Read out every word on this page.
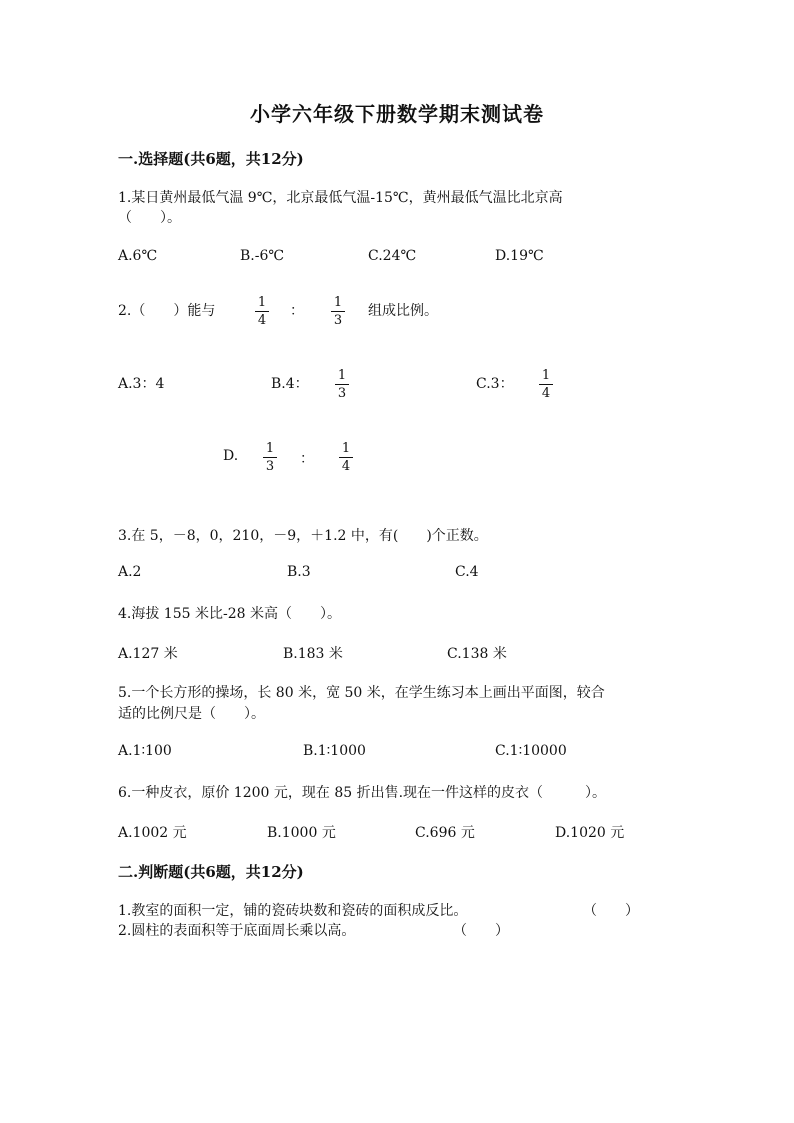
小学六年级下册数学期末测试卷
一.选择题(共6题，共12分)
1.某日黄州最低气温 9℃，北京最低气温-15℃，黄州最低气温比北京高
（　　）。
A.6℃	B.-6℃	C.24℃	D.19℃
2.（　　）能与
1
4
：
1
3
组成比例。
A.3：4	B.4：
1
3
C.3：
1
4
D. 1
3 ：
1
4
3.在 5，－8，0，210，－9，＋1.2 中，有(　　)个正数。
A.2	B.3	C.4
4.海拔 155 米比-28 米高（　　）。
A.127 米	B.183 米	C.138 米
5.一个长方形的操场，长 80 米，宽 50 米，在学生练习本上画出平面图，较合
适的比例尺是（　　）。
A.1∶100	B.1∶1000	C.1∶10000
6.一种皮衣，原价 1200 元，现在 85 折出售.现在一件这样的皮衣（　　　）。
A.1002 元	B.1000 元	C.696 元	D.1020 元
二.判断题(共6题，共12分)
1.教室的面积一定，铺的瓷砖块数和瓷砖的面积成反比。	（　　）
2.圆柱的表面积等于底面周长乘以高。	（　　）
